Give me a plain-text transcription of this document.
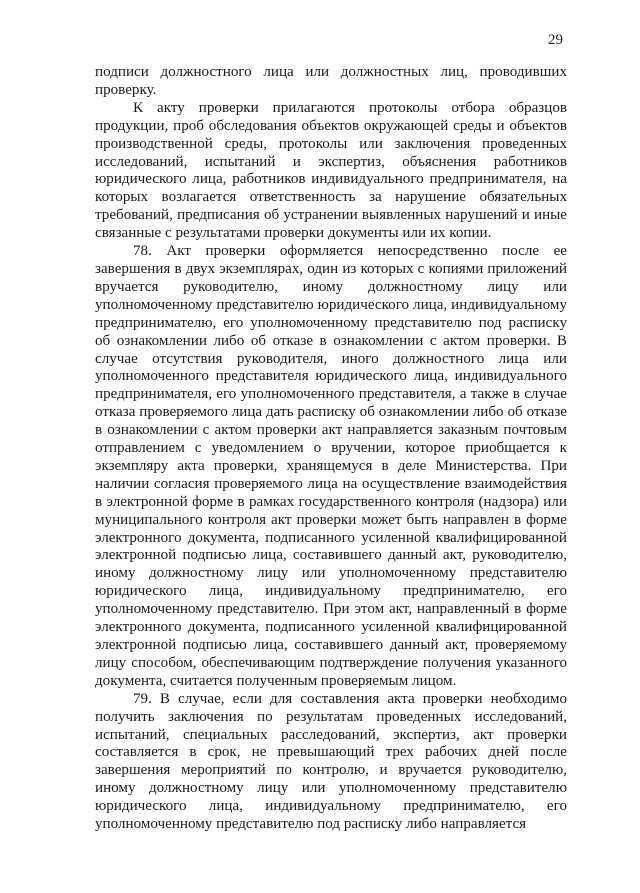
29

подписи должностного лица или должностных лиц, проводивших проверку.

К акту проверки прилагаются протоколы отбора образцов продукции, проб обследования объектов окружающей среды и объектов производственной среды, протоколы или заключения проведенных исследований, испытаний и экспертиз, объяснения работников юридического лица, работников индивидуального предпринимателя, на которых возлагается ответственность за нарушение обязательных требований, предписания об устранении выявленных нарушений и иные связанные с результатами проверки документы или их копии.

78. Акт проверки оформляется непосредственно после ее завершения в двух экземплярах, один из которых с копиями приложений вручается руководителю, иному должностному лицу или уполномоченному представителю юридического лица, индивидуальному предпринимателю, его уполномоченному представителю под расписку об ознакомлении либо об отказе в ознакомлении с актом проверки. В случае отсутствия руководителя, иного должностного лица или уполномоченного представителя юридического лица, индивидуального предпринимателя, его уполномоченного представителя, а также в случае отказа проверяемого лица дать расписку об ознакомлении либо об отказе в ознакомлении с актом проверки акт направляется заказным почтовым отправлением с уведомлением о вручении, которое приобщается к экземпляру акта проверки, хранящемуся в деле Министерства. При наличии согласия проверяемого лица на осуществление взаимодействия в электронной форме в рамках государственного контроля (надзора) или муниципального контроля акт проверки может быть направлен в форме электронного документа, подписанного усиленной квалифицированной электронной подписью лица, составившего данный акт, руководителю, иному должностному лицу или уполномоченному представителю юридического лица, индивидуальному предпринимателю, его уполномоченному представителю. При этом акт, направленный в форме электронного документа, подписанного усиленной квалифицированной электронной подписью лица, составившего данный акт, проверяемому лицу способом, обеспечивающим подтверждение получения указанного документа, считается полученным проверяемым лицом.

79. В случае, если для составления акта проверки необходимо получить заключения по результатам проведенных исследований, испытаний, специальных расследований, экспертиз, акт проверки составляется в срок, не превышающий трех рабочих дней после завершения мероприятий по контролю, и вручается руководителю, иному должностному лицу или уполномоченному представителю юридического лица, индивидуальному предпринимателю, его уполномоченному представителю под расписку либо направляется
